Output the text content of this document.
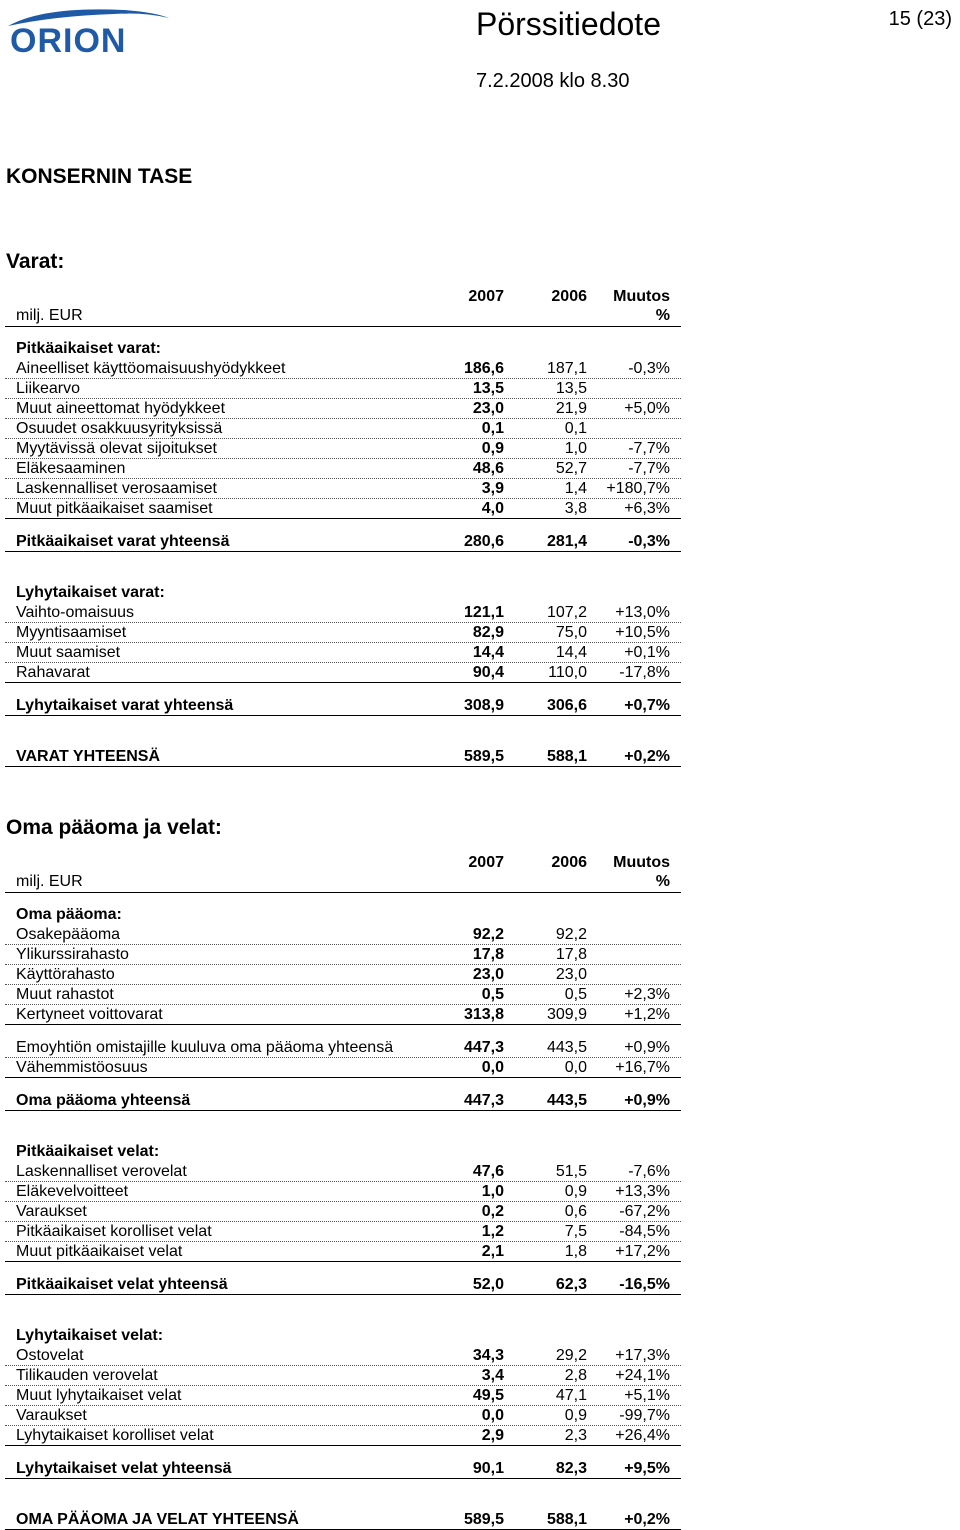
ORION	Pörssitiedote	15 (23)
7.2.2008 klo 8.30
KONSERNIN TASE
Varat:
2007	2006 Muutos
milj. EUR	%
Pitkäaikaiset varat:
Aineelliset käyttöomaisuushyödykkeet	186,6	187,1	-0,3%
Liikearvo	13,5	13,5
Muut aineettomat hyödykkeet	23,0	21,9 +5,0%
Osuudet osakkuusyrityksissä	0,1	0,1
Myytävissä olevat sijoitukset	0,9	1,0	-7,7%
Eläkesaaminen	48,6	52,7	-7,7%
Laskennalliset verosaamiset	3,9	1,4 +180,7%
Muut pitkäaikaiset saamiset	4,0	3,8 +6,3%
Pitkäaikaiset varat yhteensä	280,6	281,4	-0,3%
Lyhytaikaiset varat:
Vaihto-omaisuus	121,1	107,2 +13,0%
Myyntisaamiset	82,9	75,0 +10,5%
Muut saamiset	14,4	14,4 +0,1%
Rahavarat	90,4	110,0 -17,8%
Lyhytaikaiset varat yhteensä	308,9	306,6 +0,7%
VARAT YHTEENSÄ	589,5	588,1 +0,2%
Oma pääoma ja velat:
2007	2006 Muutos
milj. EUR	%
Oma pääoma:
Osakepääoma	92,2	92,2
Ylikurssirahasto	17,8	17,8
Käyttörahasto	23,0	23,0
Muut rahastot	0,5	0,5 +2,3%
Kertyneet voittovarat	313,8	309,9 +1,2%
Emoyhtiön omistajille kuuluva oma pääoma yhteensä	447,3	443,5 +0,9%
Vähemmistöosuus	0,0	0,0 +16,7%
Oma pääoma yhteensä	447,3	443,5 +0,9%
Pitkäaikaiset velat:
Laskennalliset verovelat	47,6	51,5	-7,6%
Eläkevelvoitteet	1,0	0,9 +13,3%
Varaukset	0,2	0,6 -67,2%
Pitkäaikaiset korolliset velat	1,2	7,5 -84,5%
Muut pitkäaikaiset velat	2,1	1,8 +17,2%
Pitkäaikaiset velat yhteensä	52,0	62,3 -16,5%
Lyhytaikaiset velat:
Ostovelat	34,3	29,2 +17,3%
Tilikauden verovelat	3,4	2,8 +24,1%
Muut lyhytaikaiset velat	49,5	47,1 +5,1%
Varaukset	0,0	0,9 -99,7%
Lyhytaikaiset korolliset velat	2,9	2,3 +26,4%
Lyhytaikaiset velat yhteensä	90,1	82,3 +9,5%
OMA PÄÄOMA JA VELAT YHTEENSÄ	589,5	588,1 +0,2%
